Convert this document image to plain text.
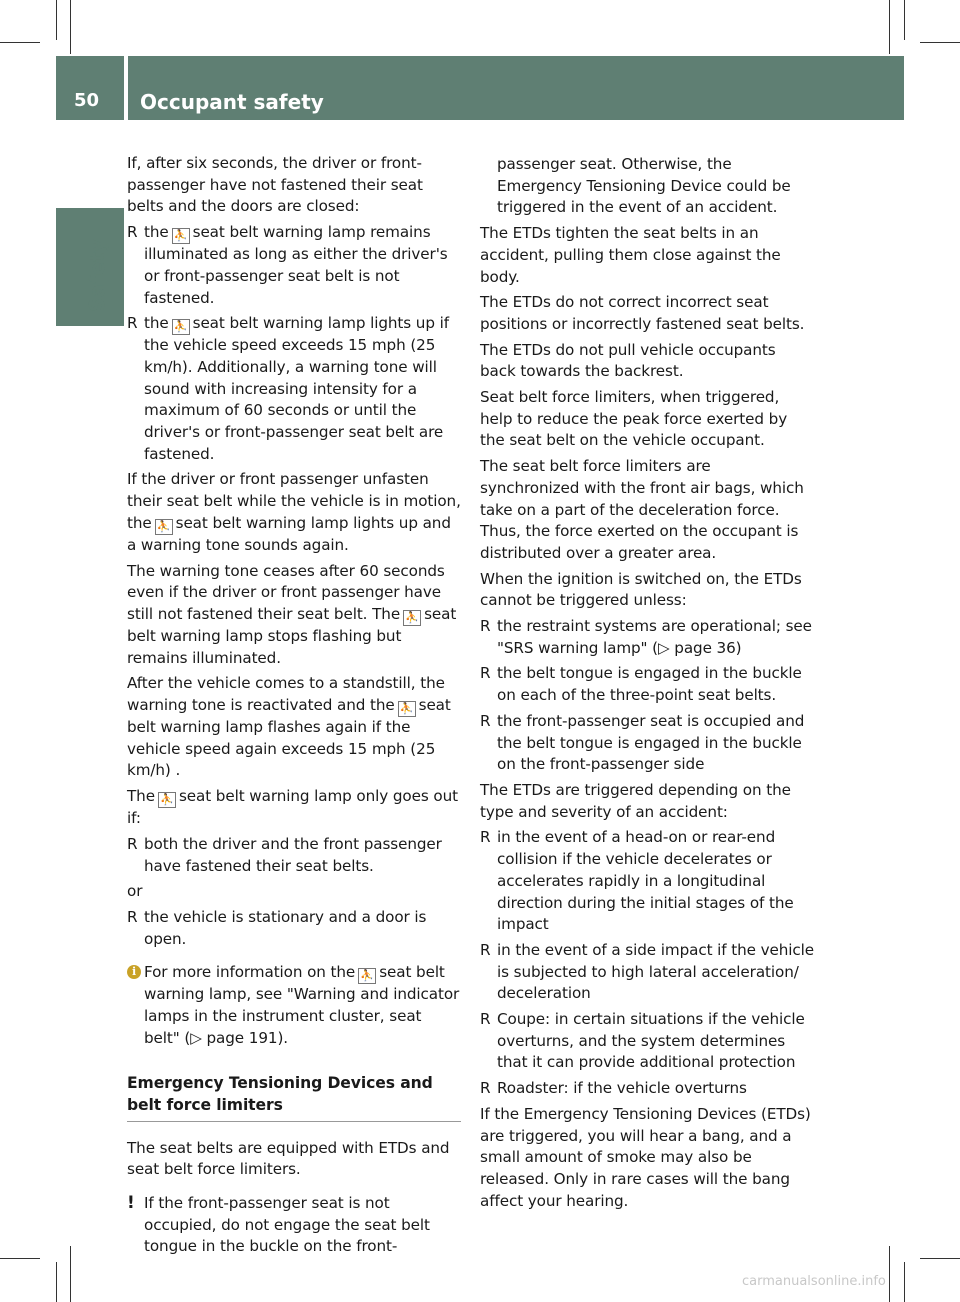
50 Occupant safety
Safety

If, after six seconds, the driver or front-passenger have not fastened their seat belts and the doors are closed:

R the ⛹ seat belt warning lamp remains illuminated as long as either the driver's or front-passenger seat belt is not fastened.
R the ⛹ seat belt warning lamp lights up if the vehicle speed exceeds 15 mph (25 km/h). Additionally, a warning tone will sound with increasing intensity for a maximum of 60 seconds or until the driver's or front-passenger seat belt are fastened.

If the driver or front passenger unfasten their seat belt while the vehicle is in motion, the ⛹ seat belt warning lamp lights up and a warning tone sounds again.

The warning tone ceases after 60 seconds even if the driver or front passenger have still not fastened their seat belt. The ⛹ seat belt warning lamp stops flashing but remains illuminated.

After the vehicle comes to a standstill, the warning tone is reactivated and the ⛹ seat belt warning lamp flashes again if the vehicle speed again exceeds 15 mph (25 km/h) .

The ⛹ seat belt warning lamp only goes out if:

R both the driver and the front passenger have fastened their seat belts.

or

R the vehicle is stationary and a door is open.
i For more information on the ⛹ seat belt warning lamp, see "Warning and indicator lamps in the instrument cluster, seat belt" (▷ page 191).
Emergency Tensioning Devices and belt force limiters

The seat belts are equipped with ETDs and seat belt force limiters.

! If the front-passenger seat is not occupied, do not engage the seat belt tongue in the buckle on the front-

passenger seat. Otherwise, the Emergency Tensioning Device could be triggered in the event of an accident.

The ETDs tighten the seat belts in an accident, pulling them close against the body.

The ETDs do not correct incorrect seat positions or incorrectly fastened seat belts.

The ETDs do not pull vehicle occupants back towards the backrest.

Seat belt force limiters, when triggered, help to reduce the peak force exerted by the seat belt on the vehicle occupant.

The seat belt force limiters are synchronized with the front air bags, which take on a part of the deceleration force. Thus, the force exerted on the occupant is distributed over a greater area.

When the ignition is switched on, the ETDs cannot be triggered unless:

R the restraint systems are operational; see "SRS warning lamp" (▷ page 36)
R the belt tongue is engaged in the buckle on each of the three-point seat belts.
R the front-passenger seat is occupied and the belt tongue is engaged in the buckle on the front-passenger side

The ETDs are triggered depending on the type and severity of an accident:

R in the event of a head-on or rear-end collision if the vehicle decelerates or accelerates rapidly in a longitudinal direction during the initial stages of the impact
R in the event of a side impact if the vehicle is subjected to high lateral acceleration/ deceleration
R Coupe: in certain situations if the vehicle overturns, and the system determines that it can provide additional protection
R Roadster: if the vehicle overturns

If the Emergency Tensioning Devices (ETDs) are triggered, you will hear a bang, and a small amount of smoke may also be released. Only in rare cases will the bang affect your hearing.

carmanualsonline.info
